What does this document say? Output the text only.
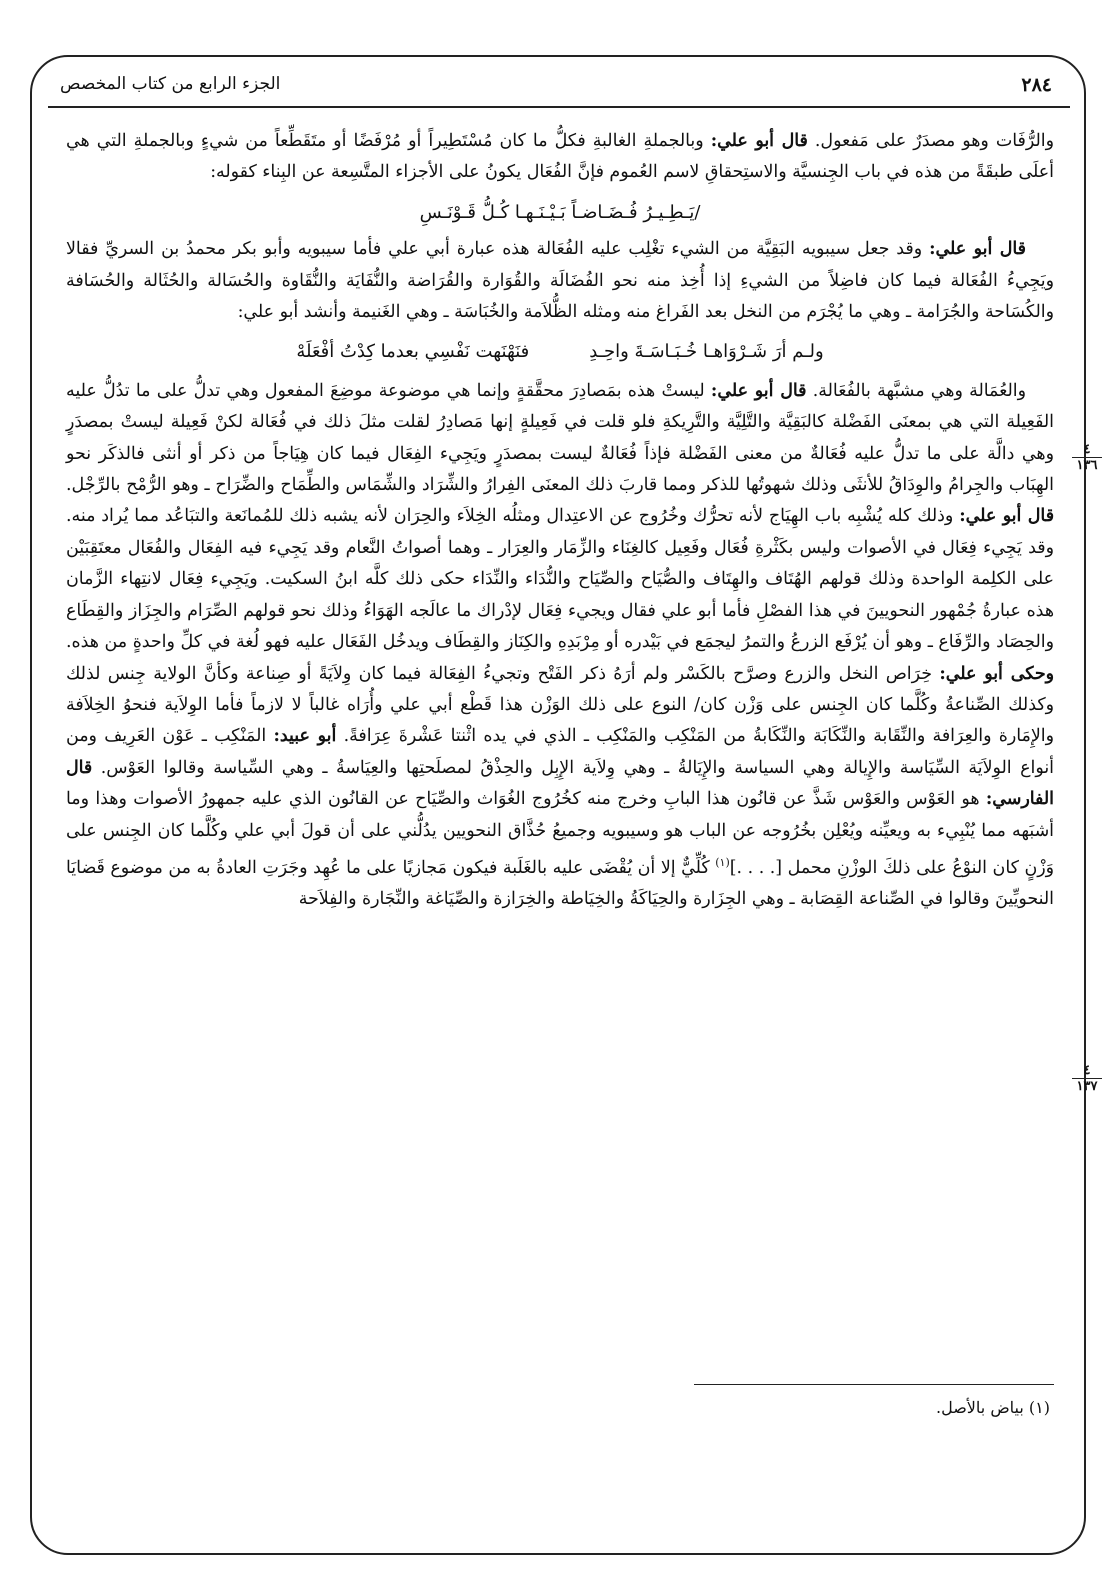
٢٨٤
الجزء الرابع من كتاب المخصص
٤
١٣٦
٤
١٣٧

والرُّفَات وهو مصدَرٌ على مَفعول. قال أبو علي: وبالجملةِ الغالبةِ فكلُّ ما كان مُسْتَطِيراً أو مُرْفَضًا أو متَقَطِّعاً من شيءٍ وبالجملةِ التي هي أعلَى طبقَةً من هذه في باب الجِنسيَّة والاستِحقاقِ لاسم العُموم فإنَّ الفُعَال يكونُ على الأجزاء المتَّسِعة عن البِناء كقوله:

/يَـطِـيـرُ فُـضَـاضـاً بَـيْـنَـهـا كُـلُّ قَـوْنَـسِ

قال أبو علي: وقد جعل سيبويه البَقِيَّة من الشيء تغْلِب عليه الفُعَالة هذه عبارة أبي علي فأما سيبويه وأبو بكر محمدُ بن السريِّ فقالا ويَجِيءُ الفُعَالة فيما كان فاضِلاً من الشيءِ إذا أُخِذ منه نحو الفُضَالَة والقُوَارة والقُرَاضة والنُّفَايَة والنُّقَاوة والحُسَالة والحُثَالة والحُسَافة والكُسَاحة والجُرَامة ـ وهي ما يُجْرَم من النخل بعد الفَراغ منه ومثله الظُّلاَمة والخُبَاسَة ـ وهي الغَنيمة وأنشد أبو علي:

ولـم أرَ شَـرْوَاهـا خُـبَـاسَـةَ واحِـدِ
فنَهْنَهت نَفْسِي بعدما كِدْتُ أفْعَلَهْ

والعُمَالة وهي مشبَّهة بالفُعَالة. قال أبو علي: ليستْ هذه بمَصادِرَ محقَّقةٍ وإنما هي موضوعة موضِعَ المفعول وهي تدلُّ على ما تدُلُّ عليه الفَعِيلة التي هي بمعنَى الفَضْلة كالبَقِيَّة والتَّلِيَّة والتَّرِيكةِ فلو قلت في فَعِيلةٍ إنها مَصادِرُ لقلت مثلَ ذلك في فُعَالة لكنْ فَعِيلة ليستْ بمصدَرٍ وهي دالَّة على ما تدلُّ عليه فُعَالةٌ من معنى الفَضْلة فإذاً فُعَالةٌ ليست بمصدَرٍ ويَجِيء الفِعَال فيما كان هِيَاجاً من ذكر أو أنثى فالذكَر نحو الهِبَاب والجِرامُ والوِدَاقُ للأنثَى وذلك شهوتُها للذكر ومما قاربَ ذلك المعنَى الفِرارُ والشِّرَاد والشِّمَاس والطِّمَاح والضِّرَاح ـ وهو الرُّمْح بالرِّجْل. قال أبو علي: وذلك كله يُشْبِه باب الهِيَاج لأنه تحرُّك وخُرُوج عن الاعتِدال ومثلُه الخِلاَء والحِرَان لأنه يشبه ذلك للمُمانَعة والتبَاعُد مما يُراد منه. وقد يَجِيء فِعَال في الأصوات وليس بكَثْرةِ فُعَال وفَعِيل كالغِنَاء والزِّمَار والعِرَار ـ وهما أصواتُ النَّعام وقد يَجِيء فيه الفِعَال والفُعَال معتَقِبَيْن على الكلِمة الواحدة وذلك قولهم الهُتَاف والهِتَاف والصُّيَاح والصِّيَاح والنُّدَاء والنِّدَاء حكى ذلك كلَّه ابنُ السكيت. ويَجِيء فِعَال لانتِهاء الزَّمان هذه عبارةُ جُمْهور النحويينَ في هذا الفصْلِ فأما أبو علي فقال ويجيء فِعَال لإدْراك ما عالَجه الهَوَاءُ وذلك نحو قولهم الصِّرَام والجِزَاز والقِطَاع والحِصَاد والرِّفَاع ـ وهو أن يُرْفَع الزرعُ والتمرُ ليجمَع في بَيْدره أو مِرْبَدِهِ والكِنَاز والقِطَاف ويدخُل الفَعَال عليه فهو لُغة في كلِّ واحدةٍ من هذه. وحكى أبو علي: خِرَاص النخل والزرع وصرَّح بالكَسْر ولم أرَهُ ذكر الفَتْح وتجيءُ الفِعَالة فيما كان وِلاَيَةً أو صِناعة وكأنَّ الولاية جِنس لذلك وكذلك الصِّناعةُ وكُلَّما كان الجِنس على وَزْن كان/ النوع على ذلك الوَزْن هذا قَطْع أبي علي وأُرَاه غالباً لا لازماً فأما الوِلاَية فنحوُ الخِلاَفة والإِمَارة والعِرَافة والنِّقَابة والنِّكَابَة والنِّكَابةُ من المَنْكِب والمَنْكِب ـ الذي في يده اثْنتا عَشْرةَ عِرَافةً. أبو عبيد: المَنْكِب ـ عَوْن العَرِيف ومن أنواع الوِلاَيَة السِّيَاسة والإِيالة وهي السياسة والإِيَالةُ ـ وهي وِلاَية الإِبِل والحِذْقُ لمصلَحتِها والعِيَاسةُ ـ وهي السِّياسة وقالوا العَوْس. قال الفارسي: هو العَوْس والعَوْس شَذَّ عن قانُون هذا البابِ وخرج منه كخُرُوج الغُوَاث والصِّيَاح عن القانُون الذي عليه جمهورُ الأصوات وهذا وما أشبَهه مما يُنْبِيء به ويعيِّنه ويُعْلِن بخُرُوجه عن الباب هو وسيبويه وجميعُ حُذَّاق النحويين يدُلُّني على أن قولَ أبي علي وكُلَّما كان الجِنس على وَزْنٍ كان النوْعُ على ذلكَ الوزْنِ محمل [. . . .]$^{(١)}$ كُلِّيٌّ إلا أن يُقْضَى عليه بالغَلَبة فيكون مَجازيًا على ما عُهِد وجَرَتِ العادةُ به من موضوع قَضايَا النحويِّينَ وقالوا في الصِّناعة القِصَابة ـ وهي الجِزَارة والحِيَاكَةُ والخِيَاطة والخِرَازة والصِّيَاغة والنِّجَارة والفِلاَحة

(١) بياض بالأصل.
